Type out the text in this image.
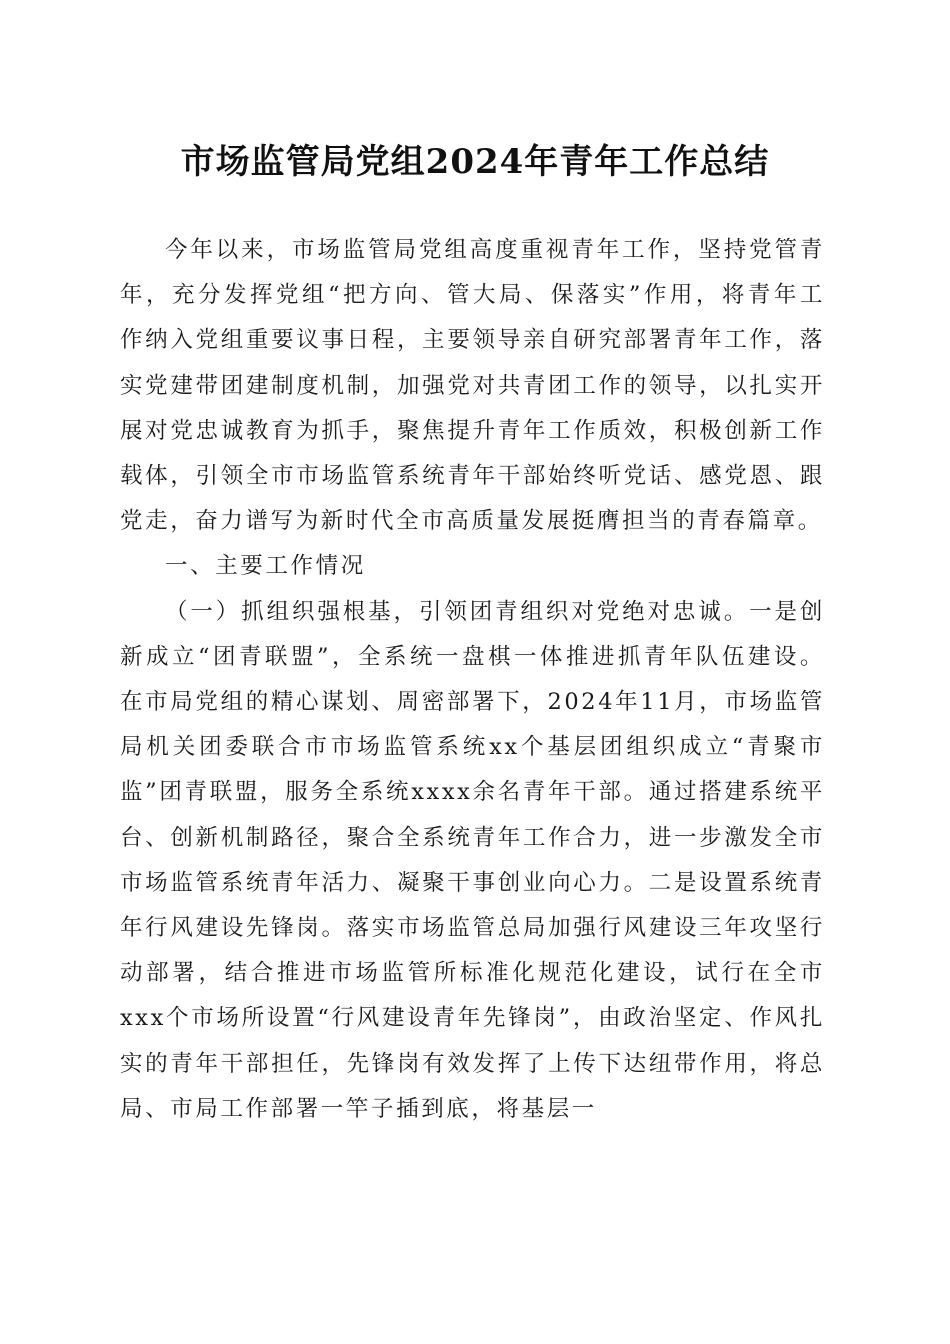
市场监管局党组2024年青年工作总结

今年以来，市场监管局党组高度重视青年工作，坚持党管青年，充分发挥党组“把方向、管大局、保落实”作用，将青年工作纳入党组重要议事日程，主要领导亲自研究部署青年工作，落实党建带团建制度机制，加强党对共青团工作的领导，以扎实开展对党忠诚教育为抓手，聚焦提升青年工作质效，积极创新工作载体，引领全市市场监管系统青年干部始终听党话、感党恩、跟党走，奋力谱写为新时代全市高质量发展挺膺担当的青春篇章。

一、主要工作情况

（一）抓组织强根基，引领团青组织对党绝对忠诚。一是创新成立“团青联盟”，全系统一盘棋一体推进抓青年队伍建设。在市局党组的精心谋划、周密部署下，2024年11月，市场监管局机关团委联合市市场监管系统xx个基层团组织成立“青聚市监”团青联盟，服务全系统xxxx余名青年干部。通过搭建系统平台、创新机制路径，聚合全系统青年工作合力，进一步激发全市市场监管系统青年活力、凝聚干事创业向心力。二是设置系统青年行风建设先锋岗。落实市场监管总局加强行风建设三年攻坚行动部署，结合推进市场监管所标准化规范化建设，试行在全市xxx个市场所设置“行风建设青年先锋岗”，由政治坚定、作风扎实的青年干部担任，先锋岗有效发挥了上传下达纽带作用，将总局、市局工作部署一竿子插到底，将基层一
